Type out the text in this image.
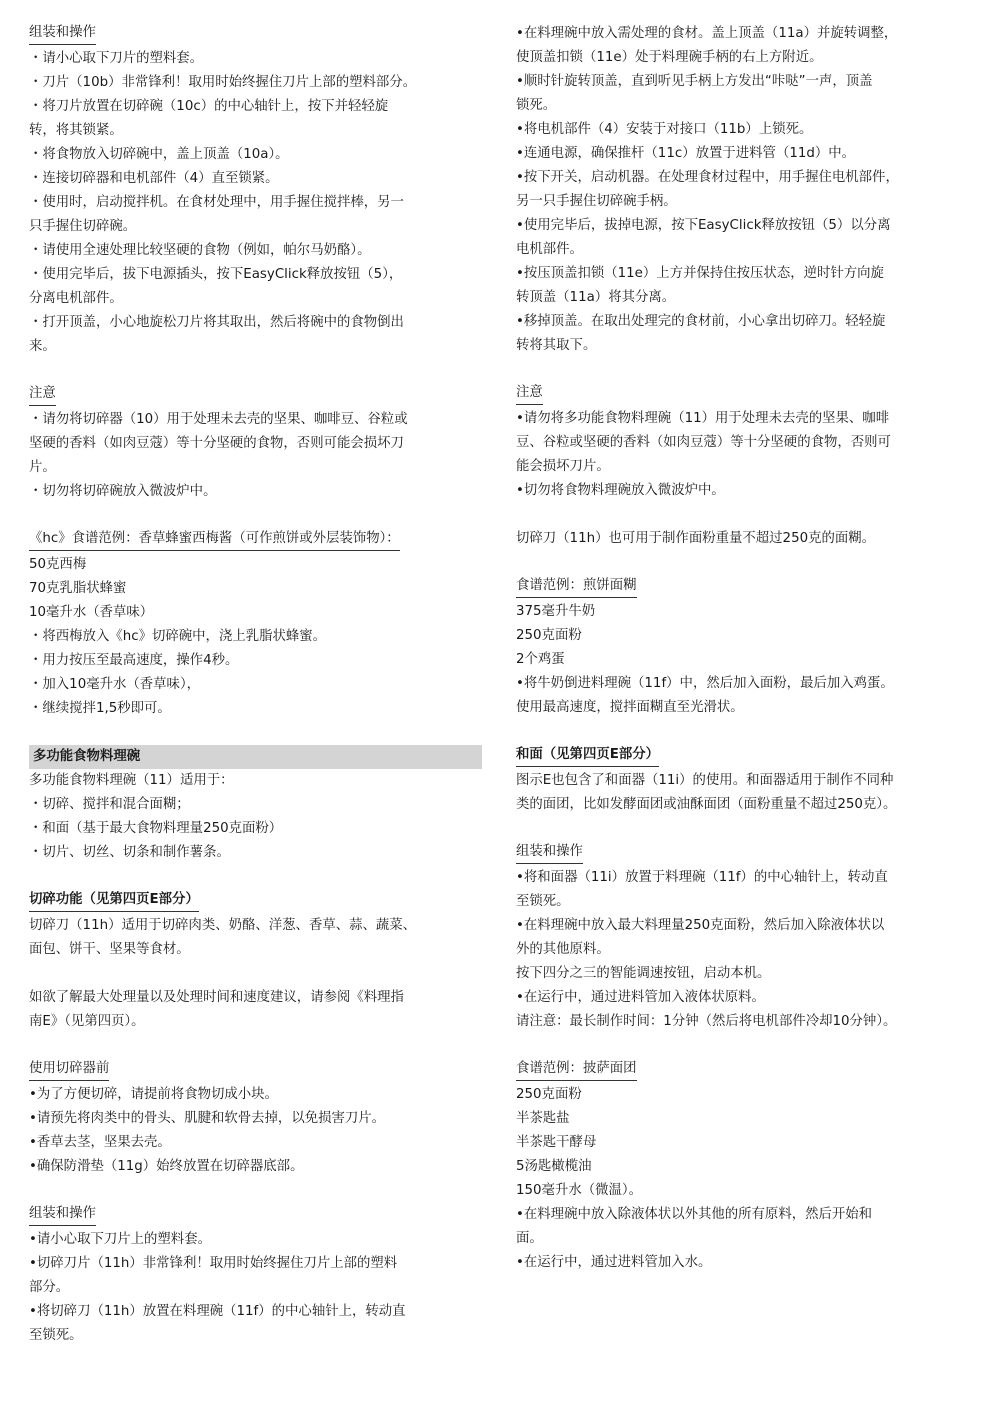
组装和操作
・请小心取下刀片的塑料套。
・刀片（10b）非常锋利！取用时始终握住刀片上部的塑料部分。
・将刀片放置在切碎碗（10c）的中心轴针上，按下并轻轻旋
转，将其锁紧。
・将食物放入切碎碗中，盖上顶盖（10a）。
・连接切碎器和电机部件（4）直至锁紧。
・使用时，启动搅拌机。在食材处理中，用手握住搅拌棒，另一
只手握住切碎碗。
・请使用全速处理比较坚硬的食物（例如，帕尔马奶酪）。
・使用完毕后，拔下电源插头，按下EasyClick释放按钮（5），
分离电机部件。
・打开顶盖，小心地旋松刀片将其取出，然后将碗中的食物倒出
来。
注意
・请勿将切碎器（10）用于处理未去壳的坚果、咖啡豆、谷粒或
坚硬的香料（如肉豆蔻）等十分坚硬的食物，否则可能会损坏刀
片。
・切勿将切碎碗放入微波炉中。
《hc》食谱范例：香草蜂蜜西梅酱（可作煎饼或外层装饰物）：
50克西梅
70克乳脂状蜂蜜
10毫升水（香草味）
・将西梅放入《hc》切碎碗中，浇上乳脂状蜂蜜。
・用力按压至最高速度，操作4秒。
・加入10毫升水（香草味），
・继续搅拌1,5秒即可。
多功能食物料理碗
多功能食物料理碗（11）适用于：
・切碎、搅拌和混合面糊；
・和面（基于最大食物料理量250克面粉）
・切片、切丝、切条和制作薯条。
切碎功能（见第四页E部分）
切碎刀（11h）适用于切碎肉类、奶酪、洋葱、香草、蒜、蔬菜、
面包、饼干、坚果等食材。
如欲了解最大处理量以及处理时间和速度建议，请参阅《料理指
南E》（见第四页）。
使用切碎器前
•为了方便切碎，请提前将食物切成小块。
•请预先将肉类中的骨头、肌腱和软骨去掉，以免损害刀片。
•香草去茎，坚果去壳。
•确保防滑垫（11g）始终放置在切碎器底部。
组装和操作
•请小心取下刀片上的塑料套。
•切碎刀片（11h）非常锋利！取用时始终握住刀片上部的塑料
部分。
•将切碎刀（11h）放置在料理碗（11f）的中心轴针上，转动直
至锁死。
•在料理碗中放入需处理的食材。盖上顶盖（11a）并旋转调整，
使顶盖扣锁（11e）处于料理碗手柄的右上方附近。
•顺时针旋转顶盖，直到听见手柄上方发出“咔哒”一声，顶盖
锁死。
•将电机部件（4）安装于对接口（11b）上锁死。
•连通电源，确保推杆（11c）放置于进料管（11d）中。
•按下开关，启动机器。在处理食材过程中，用手握住电机部件，
另一只手握住切碎碗手柄。
•使用完毕后，拔掉电源，按下EasyClick释放按钮（5）以分离
电机部件。
•按压顶盖扣锁（11e）上方并保持住按压状态，逆时针方向旋
转顶盖（11a）将其分离。
•移掉顶盖。在取出处理完的食材前，小心拿出切碎刀。轻轻旋
转将其取下。
注意
•请勿将多功能食物料理碗（11）用于处理未去壳的坚果、咖啡
豆、谷粒或坚硬的香料（如肉豆蔻）等十分坚硬的食物，否则可
能会损坏刀片。
•切勿将食物料理碗放入微波炉中。
切碎刀（11h）也可用于制作面粉重量不超过250克的面糊。
食谱范例：煎饼面糊
375毫升牛奶
250克面粉
2个鸡蛋
•将牛奶倒进料理碗（11f）中，然后加入面粉，最后加入鸡蛋。
使用最高速度，搅拌面糊直至光滑状。
和面（见第四页E部分）
图示E也包含了和面器（11i）的使用。和面器适用于制作不同种
类的面团，比如发酵面团或油酥面团（面粉重量不超过250克）。
组装和操作
•将和面器（11i）放置于料理碗（11f）的中心轴针上，转动直
至锁死。
•在料理碗中放入最大料理量250克面粉，然后加入除液体状以
外的其他原料。
按下四分之三的智能调速按钮，启动本机。
•在运行中，通过进料管加入液体状原料。
请注意：最长制作时间：1分钟（然后将电机部件冷却10分钟）。
食谱范例：披萨面团
250克面粉
半茶匙盐
半茶匙干酵母
5汤匙橄榄油
150毫升水（微温）。
•在料理碗中放入除液体状以外其他的所有原料，然后开始和
面。
•在运行中，通过进料管加入水。
